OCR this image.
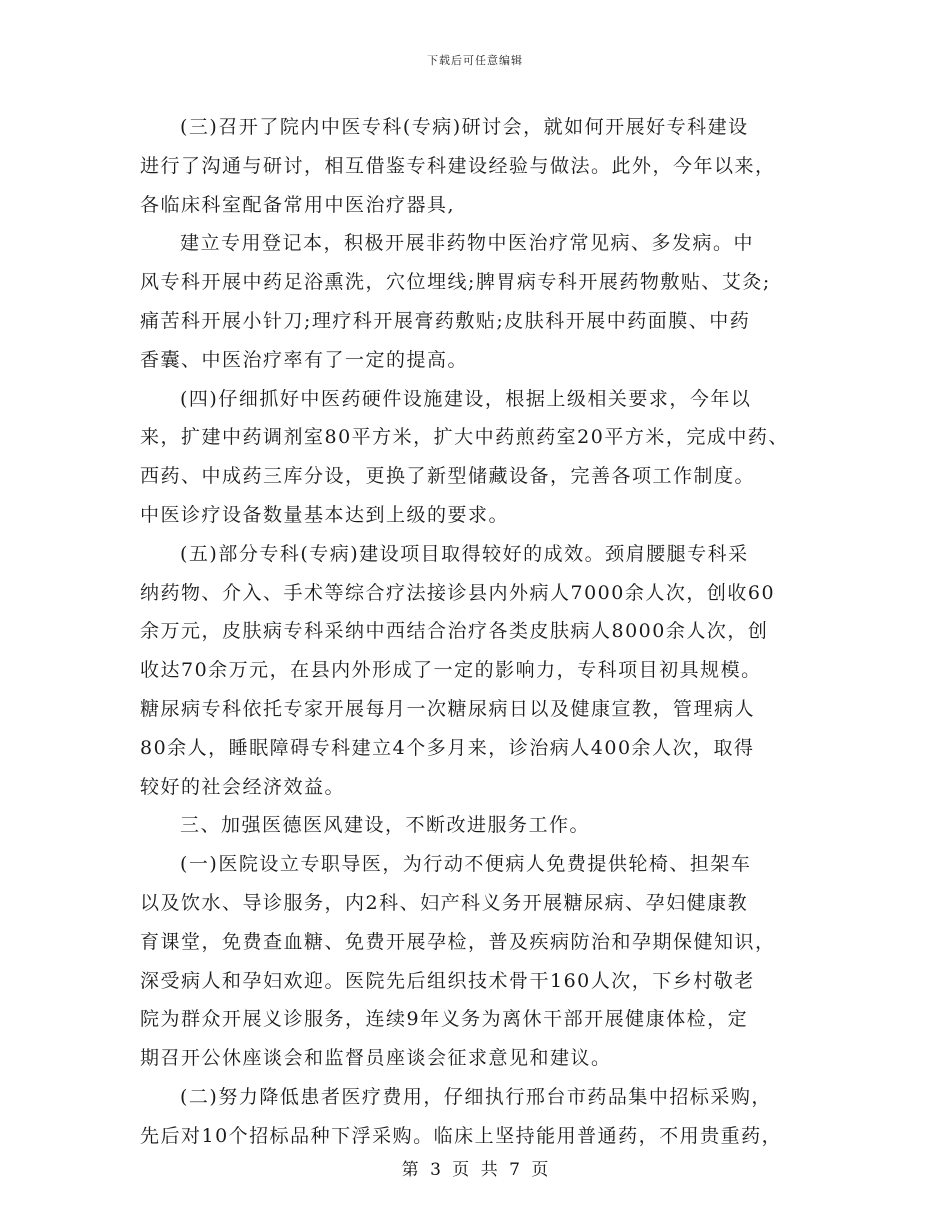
下载后可任意编辑
(三)召开了院内中医专科(专病)研讨会，就如何开展好专科建设
进行了沟通与研讨，相互借鉴专科建设经验与做法。此外，今年以来，
各临床科室配备常用中医治疗器具,
建立专用登记本，积极开展非药物中医治疗常见病、多发病。中
风专科开展中药足浴熏洗，穴位埋线;脾胃病专科开展药物敷贴、艾灸;
痛苦科开展小针刀;理疗科开展膏药敷贴;皮肤科开展中药面膜、中药
香囊、中医治疗率有了一定的提高。
(四)仔细抓好中医药硬件设施建设，根据上级相关要求，今年以
来，扩建中药调剂室80平方米，扩大中药煎药室20平方米，完成中药、
西药、中成药三库分设，更换了新型储藏设备，完善各项工作制度。
中医诊疗设备数量基本达到上级的要求。
(五)部分专科(专病)建设项目取得较好的成效。颈肩腰腿专科采
纳药物、介入、手术等综合疗法接诊县内外病人7000余人次，创收60
余万元，皮肤病专科采纳中西结合治疗各类皮肤病人8000余人次，创
收达70余万元，在县内外形成了一定的影响力，专科项目初具规模。
糖尿病专科依托专家开展每月一次糖尿病日以及健康宣教，管理病人
80余人，睡眠障碍专科建立4个多月来，诊治病人400余人次，取得
较好的社会经济效益。
三、加强医德医风建设，不断改进服务工作。
(一)医院设立专职导医，为行动不便病人免费提供轮椅、担架车
以及饮水、导诊服务，内2科、妇产科义务开展糖尿病、孕妇健康教
育课堂，免费查血糖、免费开展孕检，普及疾病防治和孕期保健知识，
深受病人和孕妇欢迎。医院先后组织技术骨干160人次，下乡村敬老
院为群众开展义诊服务，连续9年义务为离休干部开展健康体检，定
期召开公休座谈会和监督员座谈会征求意见和建议。
(二)努力降低患者医疗费用，仔细执行邢台市药品集中招标采购，
先后对10个招标品种下浮采购。临床上坚持能用普通药，不用贵重药，
第 3 页 共 7 页
